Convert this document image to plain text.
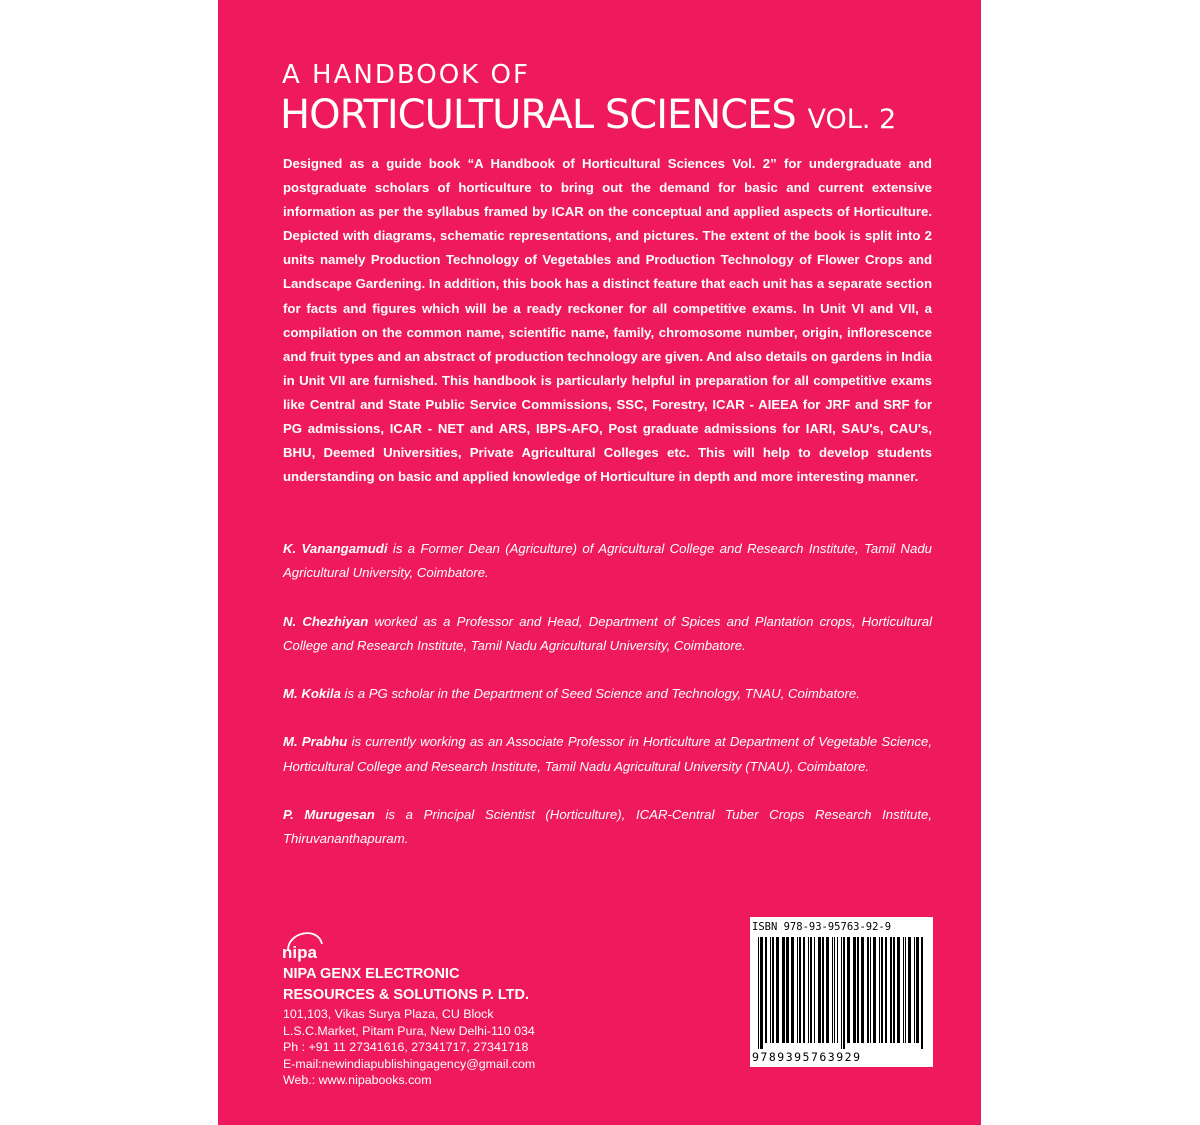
A HANDBOOK OF
HORTICULTURAL SCIENCES VOL. 2

Designed as a guide book “A Handbook of Horticultural Sciences Vol. 2” for undergraduate and postgraduate scholars of horticulture to bring out the demand for basic and current extensive information as per the syllabus framed by ICAR on the conceptual and applied aspects of Horticulture. Depicted with diagrams, schematic representations, and pictures. The extent of the book is split into 2 units namely Production Technology of Vegetables and Production Technology of Flower Crops and Landscape Gardening. In addition, this book has a distinct feature that each unit has a separate section for facts and figures which will be a ready reckoner for all competitive exams. In Unit VI and VII, a compilation on the common name, scientific name, family, chromosome number, origin, inflorescence and fruit types and an abstract of production technology are given. And also details on gardens in India in Unit VII are furnished. This handbook is particularly helpful in preparation for all competitive exams like Central and State Public Service Commissions, SSC, Forestry, ICAR - AIEEA for JRF and SRF for PG admissions, ICAR - NET and ARS, IBPS-AFO, Post graduate admissions for IARI, SAU's, CAU's, BHU, Deemed Universities, Private Agricultural Colleges etc. This will help to develop students understanding on basic and applied knowledge of Horticulture in depth and more interesting manner.

K. Vanangamudi is a Former Dean (Agriculture) of Agricultural College and Research Institute, Tamil Nadu Agricultural University, Coimbatore.

N. Chezhiyan worked as a Professor and Head, Department of Spices and Plantation crops, Horticultural College and Research Institute, Tamil Nadu Agricultural University, Coimbatore.

M. Kokila is a PG scholar in the Department of Seed Science and Technology, TNAU, Coimbatore.

M. Prabhu is currently working as an Associate Professor in Horticulture at Department of Vegetable Science, Horticultural College and Research Institute, Tamil Nadu Agricultural University (TNAU), Coimbatore.

P. Murugesan is a Principal Scientist (Horticulture), ICAR-Central Tuber Crops Research Institute, Thiruvananthapuram.

nipa
NIPA GENX ELECTRONIC
RESOURCES & SOLUTIONS P. LTD.
101,103, Vikas Surya Plaza, CU Block
L.S.C.Market, Pitam Pura, New Delhi-110 034
Ph : +91 11 27341616, 27341717, 27341718
E-mail:newindiapublishingagency@gmail.com
Web.: www.nipabooks.com
ISBN 978-93-95763-92-9
9789395763929
